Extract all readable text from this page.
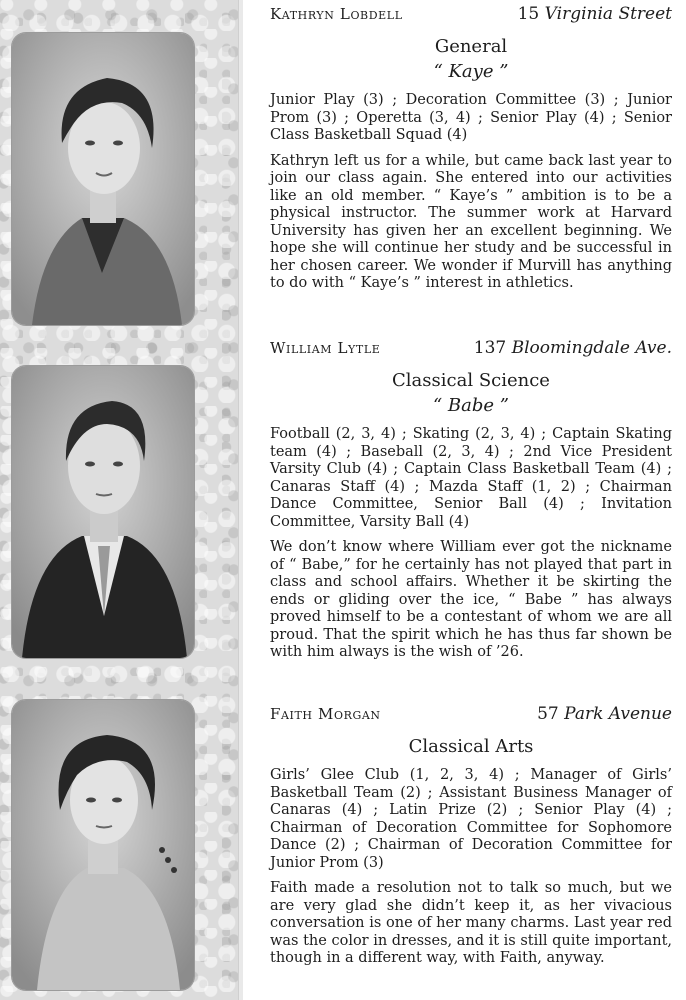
Kathryn Lobdell	15 Virginia Street
General
“ Kaye ”
Junior Play (3) ; Decoration Committee (3) ; Junior Prom (3) ; Operetta (3, 4) ; Senior Play (4) ; Senior Class Basketball Squad (4)
Kathryn left us for a while, but came back last year to join our class again. She entered into our activities like an old member. “ Kaye’s ” ambition is to be a physical instructor. The summer work at Harvard University has given her an excellent beginning. We hope she will continue her study and be successful in her chosen career. We wonder if Murvill has anything to do with “ Kaye’s ” interest in athletics.
William Lytle	137 Bloomingdale Ave.
Classical Science
“ Babe ”
Football (2, 3, 4) ; Skating (2, 3, 4) ; Captain Skating team (4) ; Baseball (2, 3, 4) ; 2nd Vice President Varsity Club (4) ; Captain Class Basketball Team (4) ; Canaras Staff (4) ; Mazda Staff (1, 2) ; Chairman Dance Committee, Senior Ball (4) ; Invitation Committee, Varsity Ball (4)
We don’t know where William ever got the nickname of “ Babe,” for he certainly has not played that part in class and school affairs. Whether it be skirting the ends or gliding over the ice, “ Babe ” has always proved himself to be a contestant of whom we are all proud. That the spirit which he has thus far shown be with him always is the wish of ’26.
Faith Morgan	57 Park Avenue
Classical Arts
Girls’ Glee Club (1, 2, 3, 4) ; Manager of Girls’ Basketball Team (2) ; Assistant Business Manager of Canaras (4) ; Latin Prize (2) ; Senior Play (4) ; Chairman of Decoration Committee for Sophomore Dance (2) ; Chairman of Decoration Committee for Junior Prom (3)
Faith made a resolution not to talk so much, but we are very glad she didn’t keep it, as her vivacious conversation is one of her many charms. Last year red was the color in dresses, and it is still quite important, though in a different way, with Faith, anyway.
